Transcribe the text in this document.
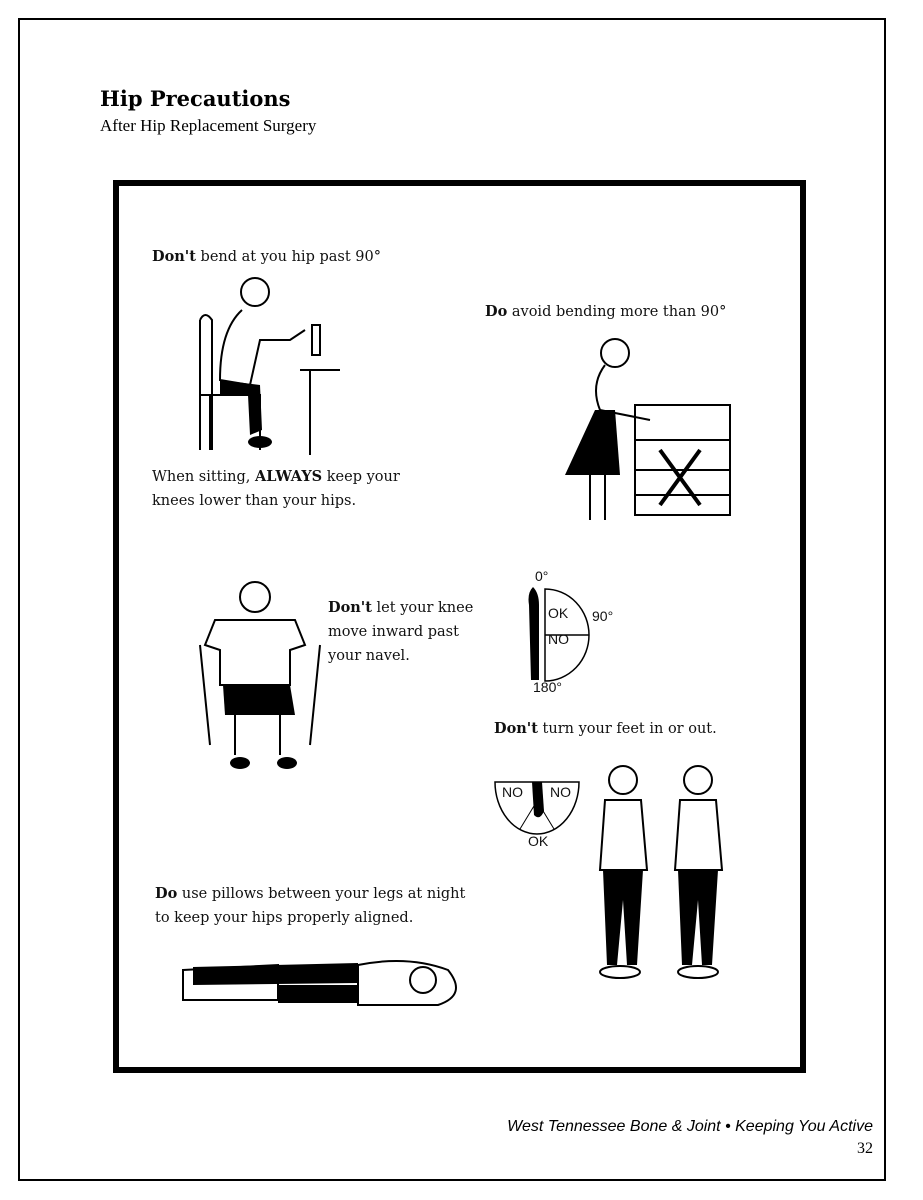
Hip Precautions
After Hip Replacement Surgery
Don't bend at you hip past 90°
When sitting, ALWAYS keep your
knees lower than your hips.
Do avoid bending more than 90°
Don't let your knee
move inward past
your navel.
0°
OK 90°
NO
180°
Don't turn your feet in or out.
NO NO
OK
Do use pillows between your legs at night
to keep your hips properly aligned.
West Tennessee Bone & Joint • Keeping You Active
32
